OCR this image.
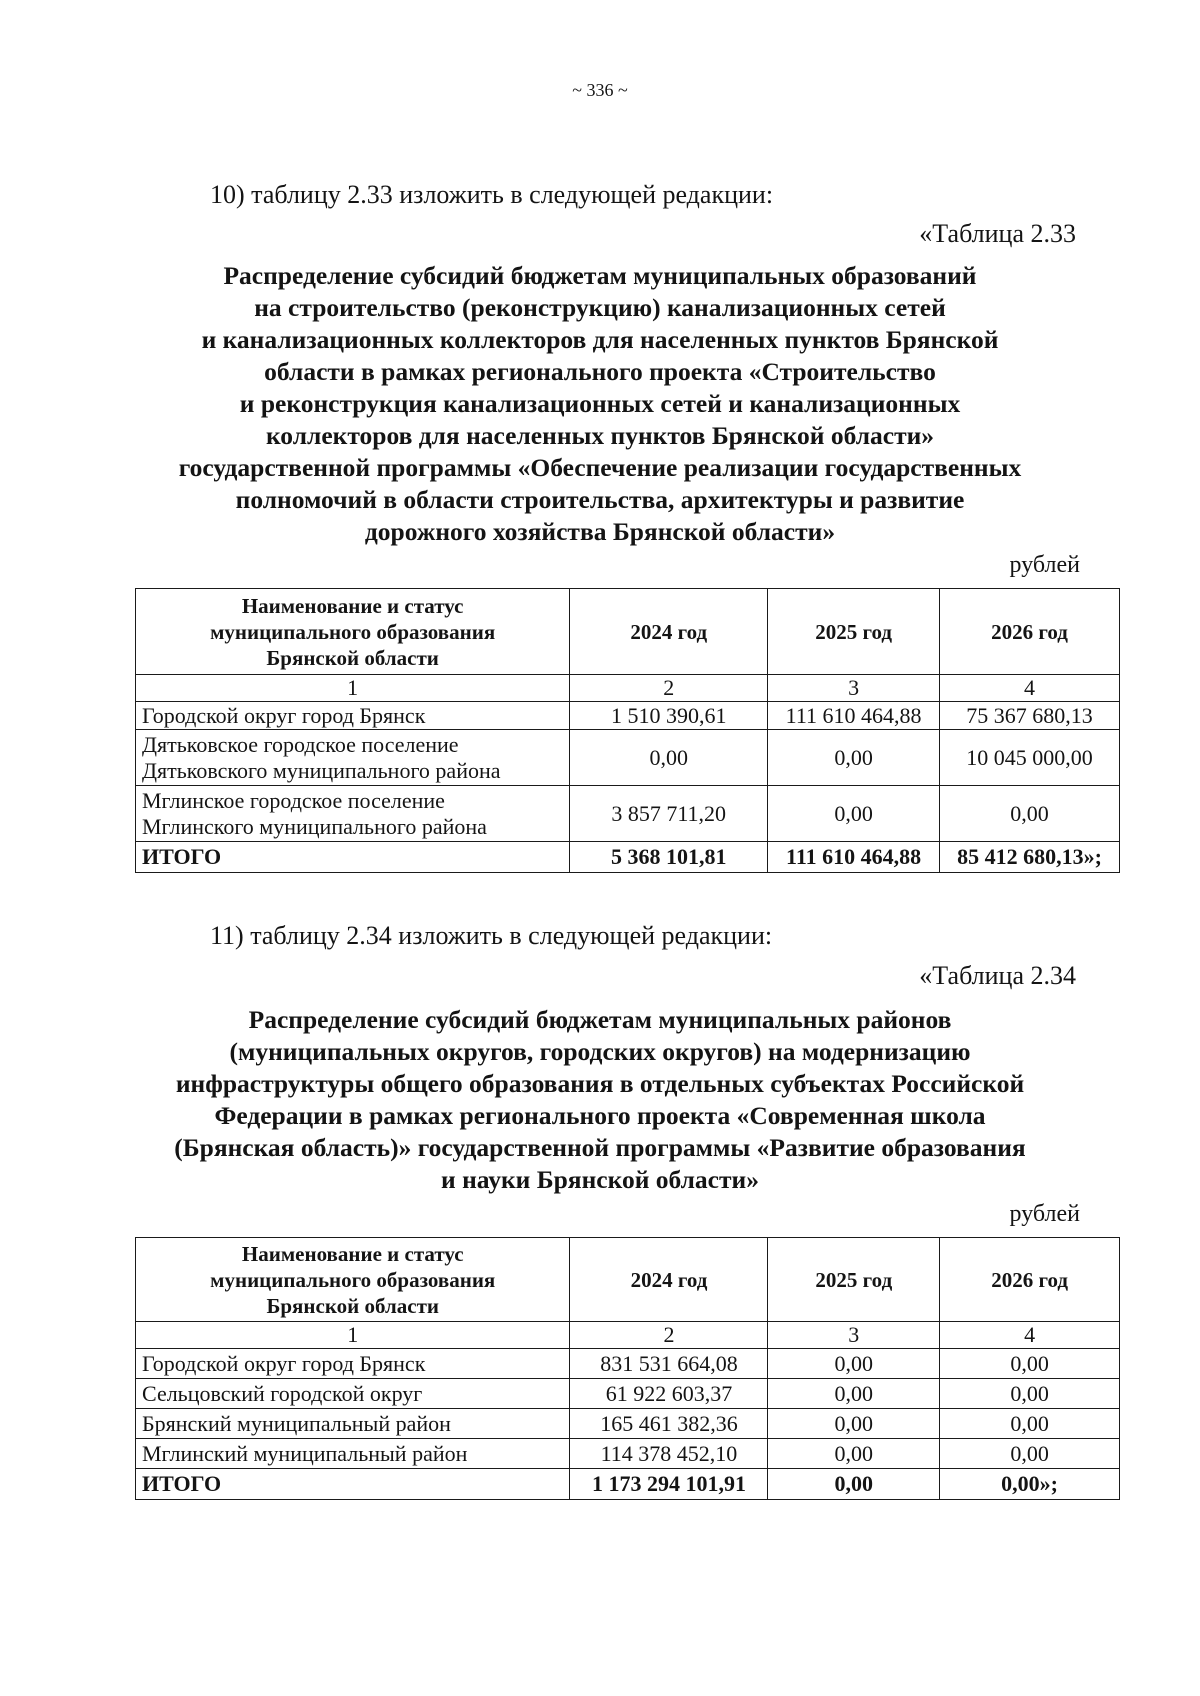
~ 336 ~
10) таблицу 2.33 изложить в следующей редакции:
«Таблица 2.33
Распределение субсидий бюджетам муниципальных образований
на строительство (реконструкцию) канализационных сетей
и канализационных коллекторов для населенных пунктов Брянской
области в рамках регионального проекта «Строительство
и реконструкция канализационных сетей и канализационных
коллекторов для населенных пунктов Брянской области»
государственной программы «Обеспечение реализации государственных
полномочий в области строительства, архитектуры и развитие
дорожного хозяйства Брянской области»
рублей
Наименование и статус
муниципального образования
Брянской области	2024 год	2025 год	2026 год
1	2	3	4
Городской округ город Брянск	1 510 390,61	111 610 464,88	75 367 680,13

Дятьковское городское поселение
Дятьковского муниципального района	0,00	0,00	10 045 000,00

Мглинское городское поселение
Мглинского муниципального района	3 857 711,20	0,00	0,00
ИТОГО	5 368 101,81	111 610 464,88	85 412 680,13»;
11) таблицу 2.34 изложить в следующей редакции:
«Таблица 2.34
Распределение субсидий бюджетам муниципальных районов
(муниципальных округов, городских округов) на модернизацию
инфраструктуры общего образования в отдельных субъектах Российской
Федерации в рамках регионального проекта «Современная школа
(Брянская область)» государственной программы «Развитие образования
и науки Брянской области»
рублей
Наименование и статус
муниципального образования
Брянской области	2024 год	2025 год	2026 год
1	2	3	4
Городской округ город Брянск	831 531 664,08	0,00	0,00
Сельцовский городской округ	61 922 603,37	0,00	0,00
Брянский муниципальный район	165 461 382,36	0,00	0,00
Мглинский муниципальный район	114 378 452,10	0,00	0,00
ИТОГО	1 173 294 101,91	0,00	0,00»;
